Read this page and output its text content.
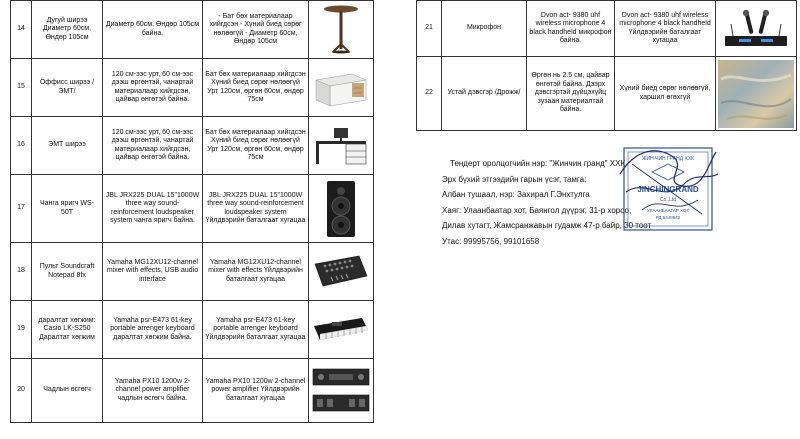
14	Дугуй ширээ Диаметр 60см, Өндөр 105см	Диаметр 60см, Өндөр 105см байна.	- Бат бөх материалаар хийгдсэн - Хүний биед сөрөг нөлөөгүй - Диаметр 60см, Өндөр 105см	

15	Оффисс ширээ /ЭМТ/	120 см-ээс урт, 60 см-ээс дээш өргөнтэй, чанартай материалаар хийгдсэн, цайвар өнгөтэй байна.	Бат бөх материалаар хийгдсэн Хүний биед сөрөг нөлөөгүй Урт 120см, өргөн 60см, өндөр 75см	

16	ЭМТ ширээ	120 см-ээс урт, 60 см-ээс дээш өргөнтэй, чанартай материалаар хийгдсэн, цайвар өнгөтэй байна.	Бат бөх материалаар хийгдсэн Хүний биед сөрөг нөлөөгүй Урт 120см, өргөн 60см, өндөр 75см	

17	Чанга яригч WS-50T	JBL JRX225 DUAL 15"1000W three way sound-reinforcement loudspeaker system чанга яригч байна.	JBL JRX225 DUAL 15"1000W three way sound-reinforcement loudspeaker system Үйлдвэрийн баталгаат хугацаа	

18	Пульт Soundcraft Notepad 8fx	Yamaha MG12XU12-channel mixer with effects, USB audio interface	Yamaha MG12XU12-channel mixer with effects Үйлдвэрийн баталгаат хугацаа	

19	даралтат хөгжим: Casio LK-S250 Даралтат хөгжим	Yamaha psr-E473 61-key portable arrenger keyboard даралтат хөгжим байна.	Yamaha psr-E473 61-key portable arrenger keyboard Үйлдвэрийн баталгаат хугацаа	

20	Чадлын өсгөгч	Yamaha PX10 1200w 2-channel power amplifier чадлын өсгөгч байна.	Yamaha PX10 1200w 2-channel power amplifier Үйлдвэрийн баталгаат хугацаа	
21	Микрофон	Dvon act- 9380 uhf wireless microphone 4 black handheld микрофон байна.	Dvon act- 9380 uhf wireless microphone 4 black handheld Үйлдвэрийн баталгаат хугацаа	

22	Устай дэвсгэр /Дрожж/	Өргөн нь 2.5 см, цайвар өнгөтэй байна. Дээрх дэвсгэртэй дүйцэхүйц зузаан материалтай байна.	Хүний биед сөрөг нөлөөгүй, харшил өгөхгүй	
Тендерт оролцогчийн нэр: "Жинчин гранд" ХХК
Эрх бүхий этгээдийн гарын үсэг, тамга:
Албан тушаал, нэр: Захирал Г.Энхтулга
Хаяг: Улаанбаатар хот, Баянгол дүүрэг, 31-р хороо,
Дилав хутагт, Жамсранжавын гудамж 47-р байр, 30 тоот
Утас: 99995756, 99101658
ЖИН ЧИН ГРАНД ХХК
JINCHINGRAND
Co.,Ltd
УЛААНБААТАР ХОТ
РД:6448542
